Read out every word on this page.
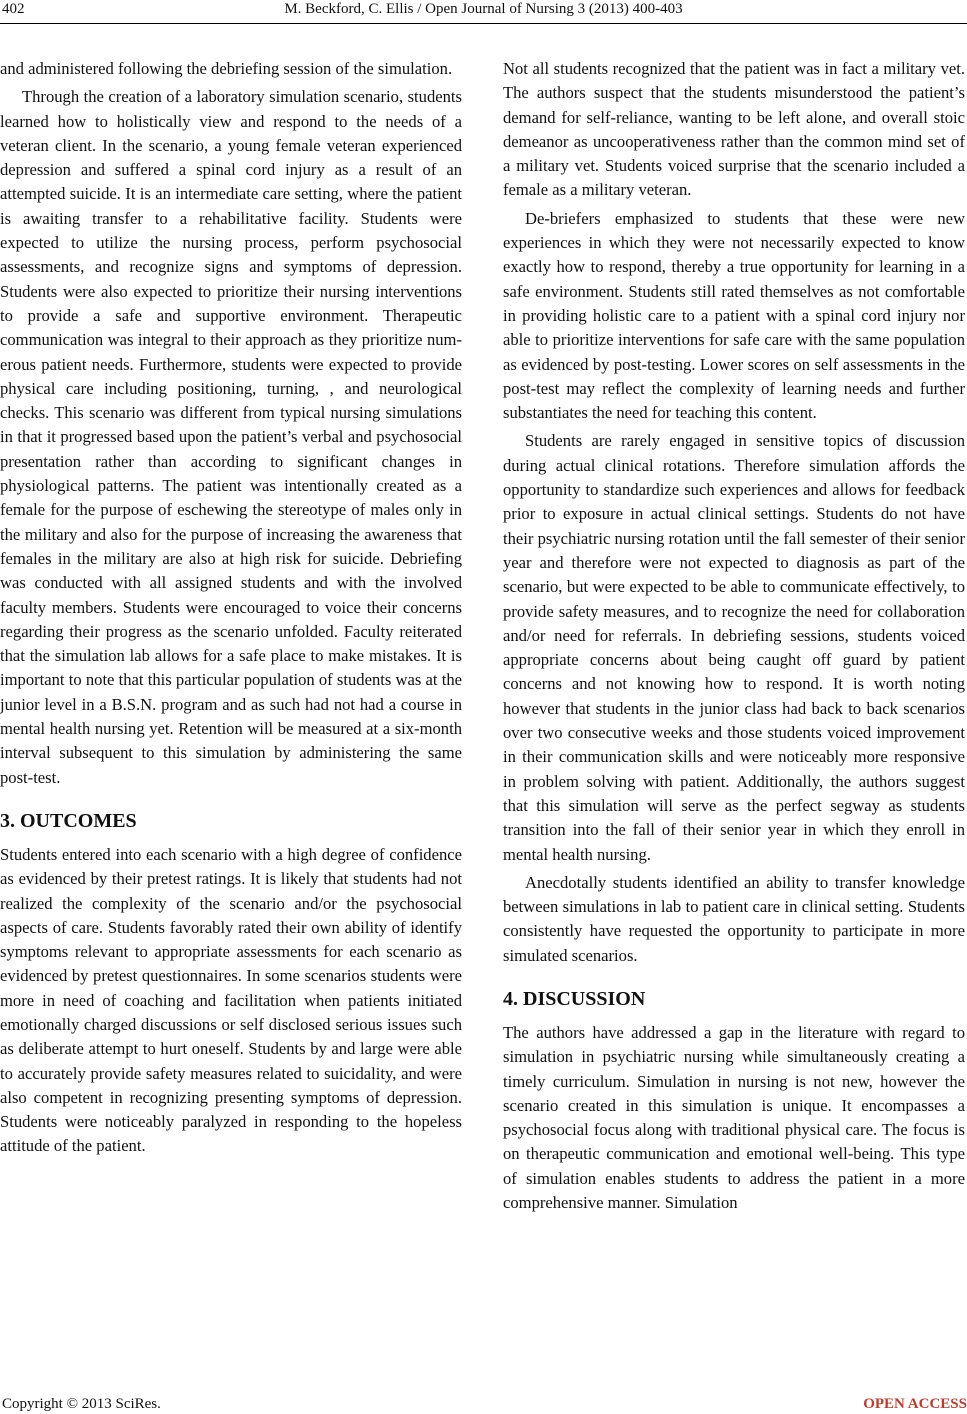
402	M. Beckford, C. Ellis / Open Journal of Nursing 3 (2013) 400-403

and administered following the debriefing session of the simulation.

Through the creation of a laboratory simulation scenario, students learned how to holistically view and respond to the needs of a veteran client. In the scenario, a young female veteran experienced depression and suffered a spinal cord injury as a result of an attempted suicide. It is an intermediate care setting, where the patient is awaiting transfer to a rehabilitative facility. Students were expected to utilize the nursing process, perform psychosocial assessments, and recognize signs and symptoms of depression. Students were also expected to prioritize their nursing interventions to provide a safe and supportive environment. Therapeutic communication was integral to their approach as they prioritize numerous patient needs. Furthermore, students were expected to provide physical care including positioning, turning, , and neurological checks. This scenario was different from typical nursing simulations in that it progressed based upon the patient’s verbal and psychosocial presentation rather than according to significant changes in physiological patterns. The patient was intentionally created as a female for the purpose of eschewing the stereotype of males only in the military and also for the purpose of increasing the awareness that females in the military are also at high risk for suicide. Debriefing was conducted with all assigned students and with the involved faculty members. Students were encouraged to voice their concerns regarding their progress as the scenario unfolded. Faculty reiterated that the simulation lab allows for a safe place to make mistakes. It is important to note that this particular population of students was at the junior level in a B.S.N. program and as such had not had a course in mental health nursing yet. Retention will be measured at a six-month interval subsequent to this simulation by administering the same post-test.

3. OUTCOMES

Students entered into each scenario with a high degree of confidence as evidenced by their pretest ratings. It is likely that students had not realized the complexity of the scenario and/or the psychosocial aspects of care. Students favorably rated their own ability of identify symptoms relevant to appropriate assessments for each scenario as evidenced by pretest questionnaires. In some scenarios students were more in need of coaching and facilitation when patients initiated emotionally charged discussions or self disclosed serious issues such as deliberate attempt to hurt oneself. Students by and large were able to accurately provide safety measures related to suicidality, and were also competent in recognizing presenting symptoms of depression. Students were noticeably paralyzed in responding to the hopeless attitude of the patient.

Not all students recognized that the patient was in fact a military vet. The authors suspect that the students misunderstood the patient’s demand for self-reliance, wanting to be left alone, and overall stoic demeanor as uncooperativeness rather than the common mind set of a military vet. Students voiced surprise that the scenario included a female as a military veteran.

De-briefers emphasized to students that these were new experiences in which they were not necessarily expected to know exactly how to respond, thereby a true opportunity for learning in a safe environment. Students still rated themselves as not comfortable in providing holistic care to a patient with a spinal cord injury nor able to prioritize interventions for safe care with the same population as evidenced by post-testing. Lower scores on self assessments in the post-test may reflect the complexity of learning needs and further substantiates the need for teaching this content.

Students are rarely engaged in sensitive topics of discussion during actual clinical rotations. Therefore simulation affords the opportunity to standardize such experiences and allows for feedback prior to exposure in actual clinical settings. Students do not have their psychiatric nursing rotation until the fall semester of their senior year and therefore were not expected to diagnosis as part of the scenario, but were expected to be able to communicate effectively, to provide safety measures, and to recognize the need for collaboration and/or need for referrals. In debriefing sessions, students voiced appropriate concerns about being caught off guard by patient concerns and not knowing how to respond. It is worth noting however that students in the junior class had back to back scenarios over two consecutive weeks and those students voiced improvement in their communication skills and were noticeably more responsive in problem solving with patient. Additionally, the authors suggest that this simulation will serve as the perfect segway as students transition into the fall of their senior year in which they enroll in mental health nursing.

Anecdotally students identified an ability to transfer knowledge between simulations in lab to patient care in clinical setting. Students consistently have requested the opportunity to participate in more simulated scenarios.

4. DISCUSSION

The authors have addressed a gap in the literature with regard to simulation in psychiatric nursing while simultaneously creating a timely curriculum. Simulation in nursing is not new, however the scenario created in this simulation is unique. It encompasses a psychosocial focus along with traditional physical care. The focus is on therapeutic communication and emotional well-being. This type of simulation enables students to address the patient in a more comprehensive manner. Simulation

Copyright © 2013 SciRes.	OPEN ACCESS
